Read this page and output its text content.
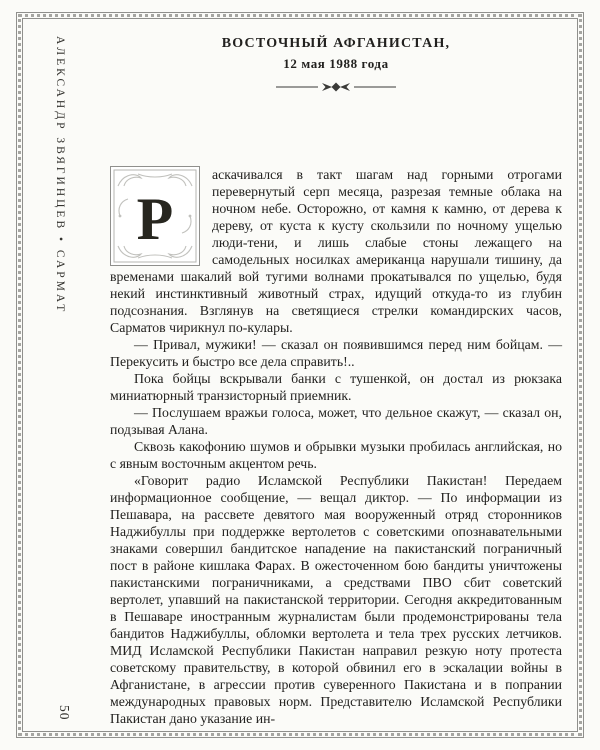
АЛЕКСАНДР ЗВЯГИНЦЕВ • САРМАТ
50
ВОСТОЧНЫЙ АФГАНИСТАН,
12 мая 1988 года
Р

аскачивался в такт шагам над горными отрогами перевернутый серп месяца, разрезая темные облака на ночном небе. Осторожно, от камня к камню, от дерева к дереву, от куста к кусту скользили по ночному ущелью люди-тени, и лишь слабые стоны лежащего на самодельных носилках американца нарушали тишину, да временами шакалий вой тугими волнами прокатывался по ущелью, будя некий инстинктивный животный страх, идущий откуда-то из глубин подсознания. Взглянув на светящиеся стрелки командирских часов, Сарматов чирикнул по-кулары.

— Привал, мужики! — сказал он появившимся перед ним бойцам. — Перекусить и быстро все дела справить!..

Пока бойцы вскрывали банки с тушенкой, он достал из рюкзака миниатюрный транзисторный приемник.

— Послушаем вражьи голоса, может, что дельное скажут, — сказал он, подзывая Алана.

Сквозь какофонию шумов и обрывки музыки пробилась английская, но с явным восточным акцентом речь.

«Говорит радио Исламской Республики Пакистан! Передаем информационное сообщение, — вещал диктор. — По информации из Пешавара, на рассвете девятого мая вооруженный отряд сторонников Наджибуллы при поддержке вертолетов с советскими опознавательными знаками совершил бандитское нападение на пакистанский пограничный пост в районе кишлака Фарах. В ожесточенном бою бандиты уничтожены пакистанскими пограничниками, а средствами ПВО сбит советский вертолет, упавший на пакистанской территории. Сегодня аккредитованным в Пешаваре иностранным журналистам были продемонстрированы тела бандитов Наджибуллы, обломки вертолета и тела трех русских летчиков. МИД Исламской Республики Пакистан направил резкую ноту протеста советскому правительству, в которой обвинил его в эскалации войны в Афганистане, в агрессии против суверенного Пакистана и в попрании международных правовых норм. Представителю Исламской Республики Пакистан дано указание ин-
